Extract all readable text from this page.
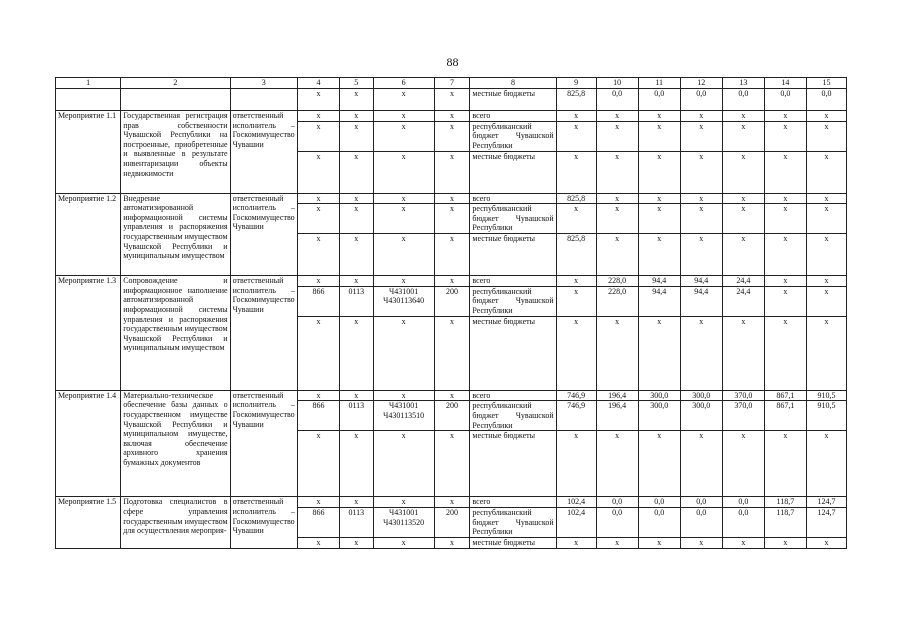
88
1	2	3	4	5	6	7	8	9	10	11	12	13	14	15
			x	x	x	x	местные бюджеты	825,8	0,0	0,0	0,0	0,0	0,0	0,0
Мероприятие 1.1	Государственная регистрация прав собственности Чувашской Республики на построенные, приобретенные и выявленные в результате инвентаризации объекты недвижимости	ответственный исполнитель – Госкомимущество Чувашии	x	x	x	x	всего	x	x	x	x	x	x	x
			x	x	x	x	республиканский бюджет Чувашской Республики	x	x	x	x	x	x	x
			x	x	x	x	местные бюджеты	x	x	x	x	x	x	x
Мероприятие 1.2	Внедрение автоматизированной информационной системы управления и распоряжения государственным имуществом Чувашской Республики и муниципальным имуществом	ответственный исполнитель – Госкомимущество Чувашии	x	x	x	x	всего	825,8	x	x	x	x	x	x
			x	x	x	x	республиканский бюджет Чувашской Республики	x	x	x	x	x	x	x
			x	x	x	x	местные бюджеты	825,8	x	x	x	x	x	x
Мероприятие 1.3	Сопровождение и информационное наполнение автоматизированной информационной системы управления и распоряжения государственным имуществом Чувашской Республики и муниципальным имуществом	ответственный исполнитель – Госкомимущество Чувашии	x	x	x	x	всего	x	228,0	94,4	94,4	24,4	x	x
			866	0113	Ч431001 Ч430113640	200	республиканский бюджет Чувашской Республики	x	228,0	94,4	94,4	24,4	x	x
			x	x	x	x	местные бюджеты	x	x	x	x	x	x	x
Мероприятие 1.4	Материально-техническое обеспечение базы данных о государственном имуществе Чувашской Республики и муниципальном имуществе, включая обеспечение архивного хранения бумажных документов	ответственный исполнитель – Госкомимущество Чувашии	x	x	x	x	всего	746,9	196,4	300,0	300,0	370,0	867,1	910,5
			866	0113	Ч431001 Ч430113510	200	республиканский бюджет Чувашской Республики	746,9	196,4	300,0	300,0	370,0	867,1	910,5
			x	x	x	x	местные бюджеты	x	x	x	x	x	x	x
Мероприятие 1.5	Подготовка специалистов в сфере управления государственным имуществом для осуществления мероприя-	ответственный исполнитель – Госкомимущество Чувашии	x	x	x	x	всего	102,4	0,0	0,0	0,0	0,0	118,7	124,7
			866	0113	Ч431001 Ч430113520	200	республиканский бюджет Чувашской Республики	102,4	0,0	0,0	0,0	0,0	118,7	124,7
			x	x	x	x	местные бюджеты	x	x	x	x	x	x	x
